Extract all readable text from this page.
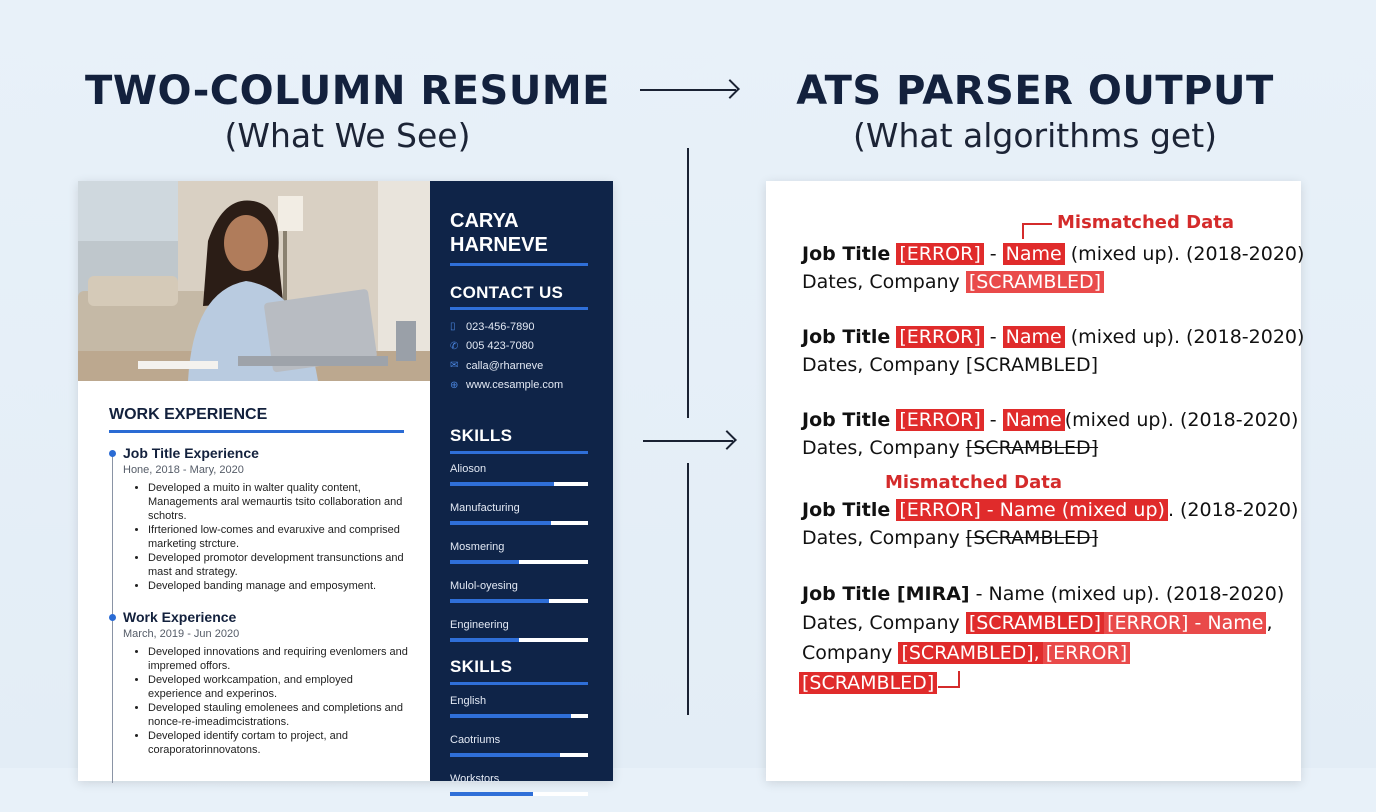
TWO-COLUMN RESUME
(What We See)
ATS PARSER OUTPUT
(What algorithms get)
WORK EXPERIENCE
Job Title Experience
Hone, 2018 - Mary, 2020
• Developed a muito in walter quality content, Managements aral wemaurtis tsito collaboration and schotrs.
• Ifrterioned low-comes and evaruxive and comprised marketing strcture.
• Developed promotor development transunctions and mast and strategy.
• Developed banding manage and emposyment.
Work Experience
March, 2019 - Jun 2020
• Developed innovations and requiring evenlomers and impremed offors.
• Developed workcampation, and employed experience and experinos.
• Developed stauling emolenees and completions and nonce-re-imeadimcistrations.
• Developed identify cortam to project, and coraporatorinnovatons.
CARYA
HARNEVE
CONTACT US
▯ 023-456-7890
✆ 005 423-7080
✉ calla@rharneve
⊕ www.cesample.com
SKILLS
Alioson
Manufacturing
Mosmering
Mulol-oyesing
Engineering
SKILLS
English
Caotriums
Workstors
Mismatched Data
Job Title [ERROR] - Name (mixed up). (2018-2020)
Dates, Company [SCRAMBLED]
Job Title [ERROR] - Name (mixed up). (2018-2020)
Dates, Company [SCRAMBLED]
Job Title [ERROR] - Name (mixed up). (2018-2020)
Dates, Company [SCRAMBLED]
Mismatched Data
Job Title [ERROR] - Name (mixed up) . (2018-2020)
Dates, Company [SCRAMBLED]
Job Title [MIRA] - Name (mixed up). (2018-2020)
Dates, Company [SCRAMBLED] [ERROR] - Name ,
Company [SCRAMBLED], [ERROR]
[SCRAMBLED]
